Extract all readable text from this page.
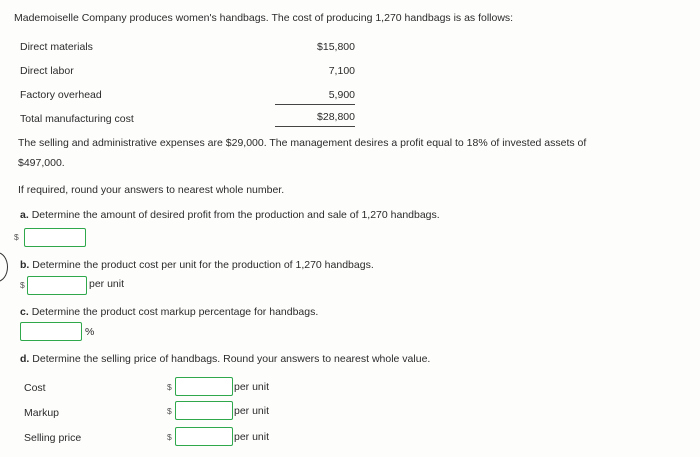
Mademoiselle Company produces women's handbags. The cost of producing 1,270 handbags is as follows:
Direct materials	$15,800
Direct labor	7,100
Factory overhead	5,900
Total manufacturing cost	$28,800
The selling and administrative expenses are $29,000. The management desires a profit equal to 18% of invested assets of
$497,000.
If required, round your answers to nearest whole number.
a. Determine the amount of desired profit from the production and sale of 1,270 handbags.
$
b. Determine the product cost per unit for the production of 1,270 handbags.
$	per unit
c. Determine the product cost markup percentage for handbags.
%
d. Determine the selling price of handbags. Round your answers to nearest whole value.
Cost	$	per unit
Markup	$	per unit
Selling price	$	per unit
